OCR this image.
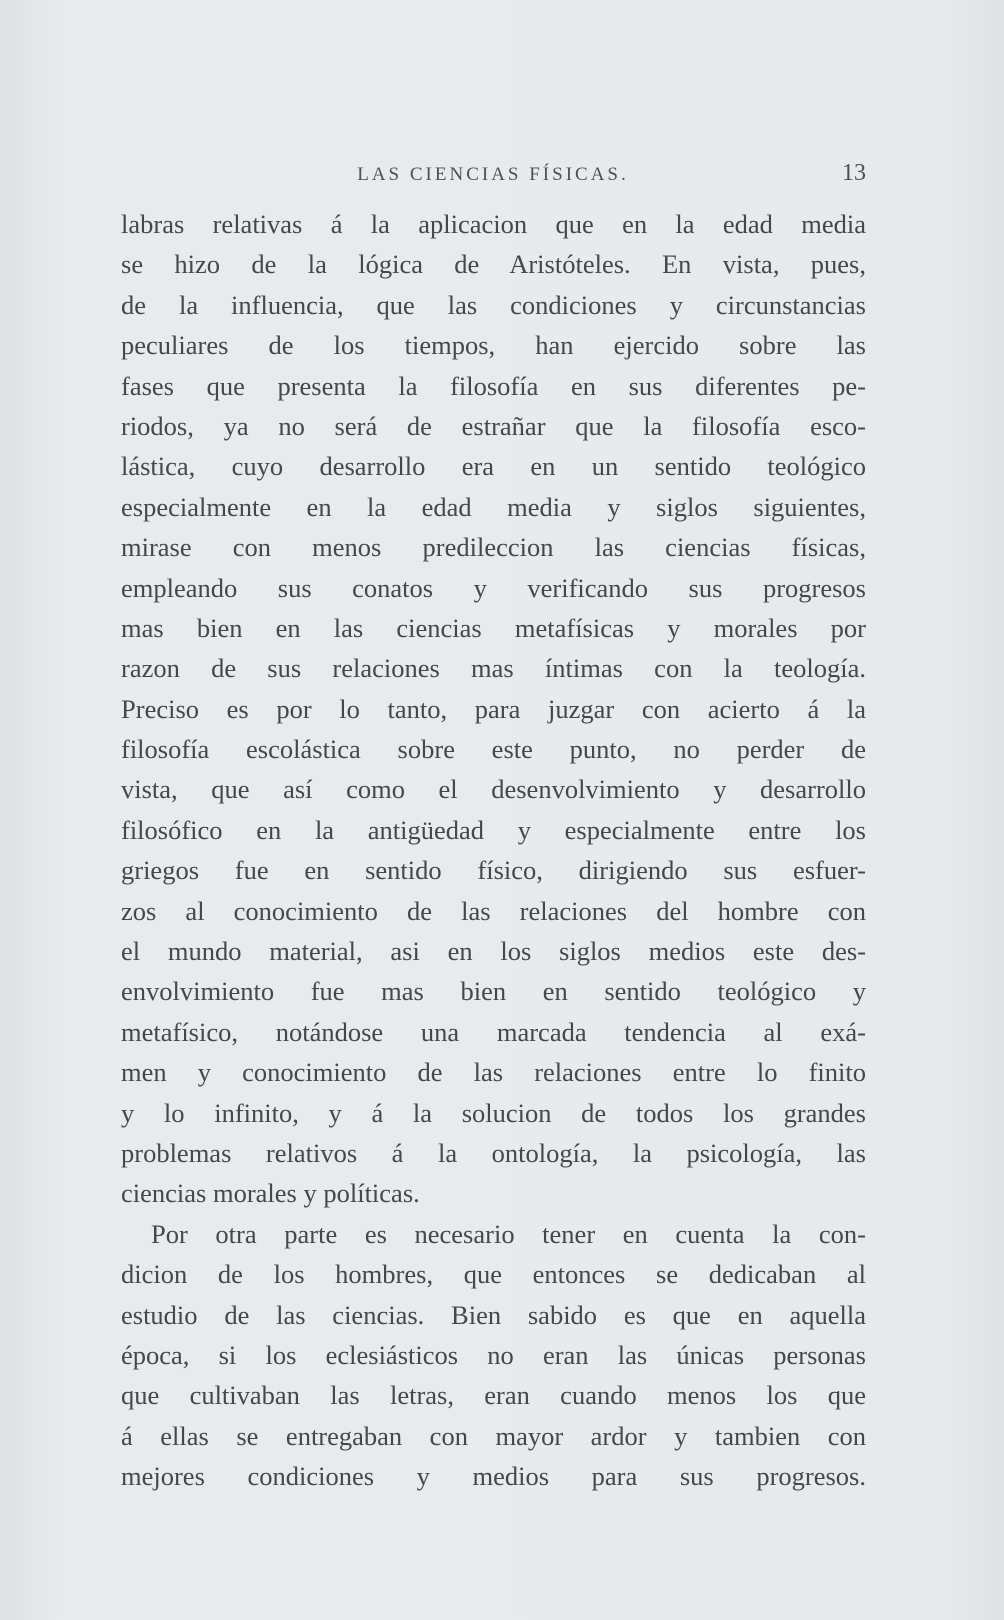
LAS CIENCIAS FÍSICAS.	13
labras relativas á la aplicacion que en la edad media
se hizo de la lógica de Aristóteles. En vista, pues,
de la influencia, que las condiciones y circunstancias
peculiares de los tiempos, han ejercido sobre las
fases que presenta la filosofía en sus diferentes pe-
riodos, ya no será de estrañar que la filosofía esco-
lástica, cuyo desarrollo era en un sentido teológico
especialmente en la edad media y siglos siguientes,
mirase con menos predileccion las ciencias físicas,
empleando sus conatos y verificando sus progresos
mas bien en las ciencias metafísicas y morales por
razon de sus relaciones mas íntimas con la teología.
Preciso es por lo tanto, para juzgar con acierto á la
filosofía escolástica sobre este punto, no perder de
vista, que así como el desenvolvimiento y desarrollo
filosófico en la antigüedad y especialmente entre los
griegos fue en sentido físico, dirigiendo sus esfuer-
zos al conocimiento de las relaciones del hombre con
el mundo material, asi en los siglos medios este des-
envolvimiento fue mas bien en sentido teológico y
metafísico, notándose una marcada tendencia al exá-
men y conocimiento de las relaciones entre lo finito
y lo infinito, y á la solucion de todos los grandes
problemas relativos á la ontología, la psicología, las
ciencias morales y políticas.
Por otra parte es necesario tener en cuenta la con-
dicion de los hombres, que entonces se dedicaban al
estudio de las ciencias. Bien sabido es que en aquella
época, si los eclesiásticos no eran las únicas personas
que cultivaban las letras, eran cuando menos los que
á ellas se entregaban con mayor ardor y tambien con
mejores condiciones y medios para sus progresos.
